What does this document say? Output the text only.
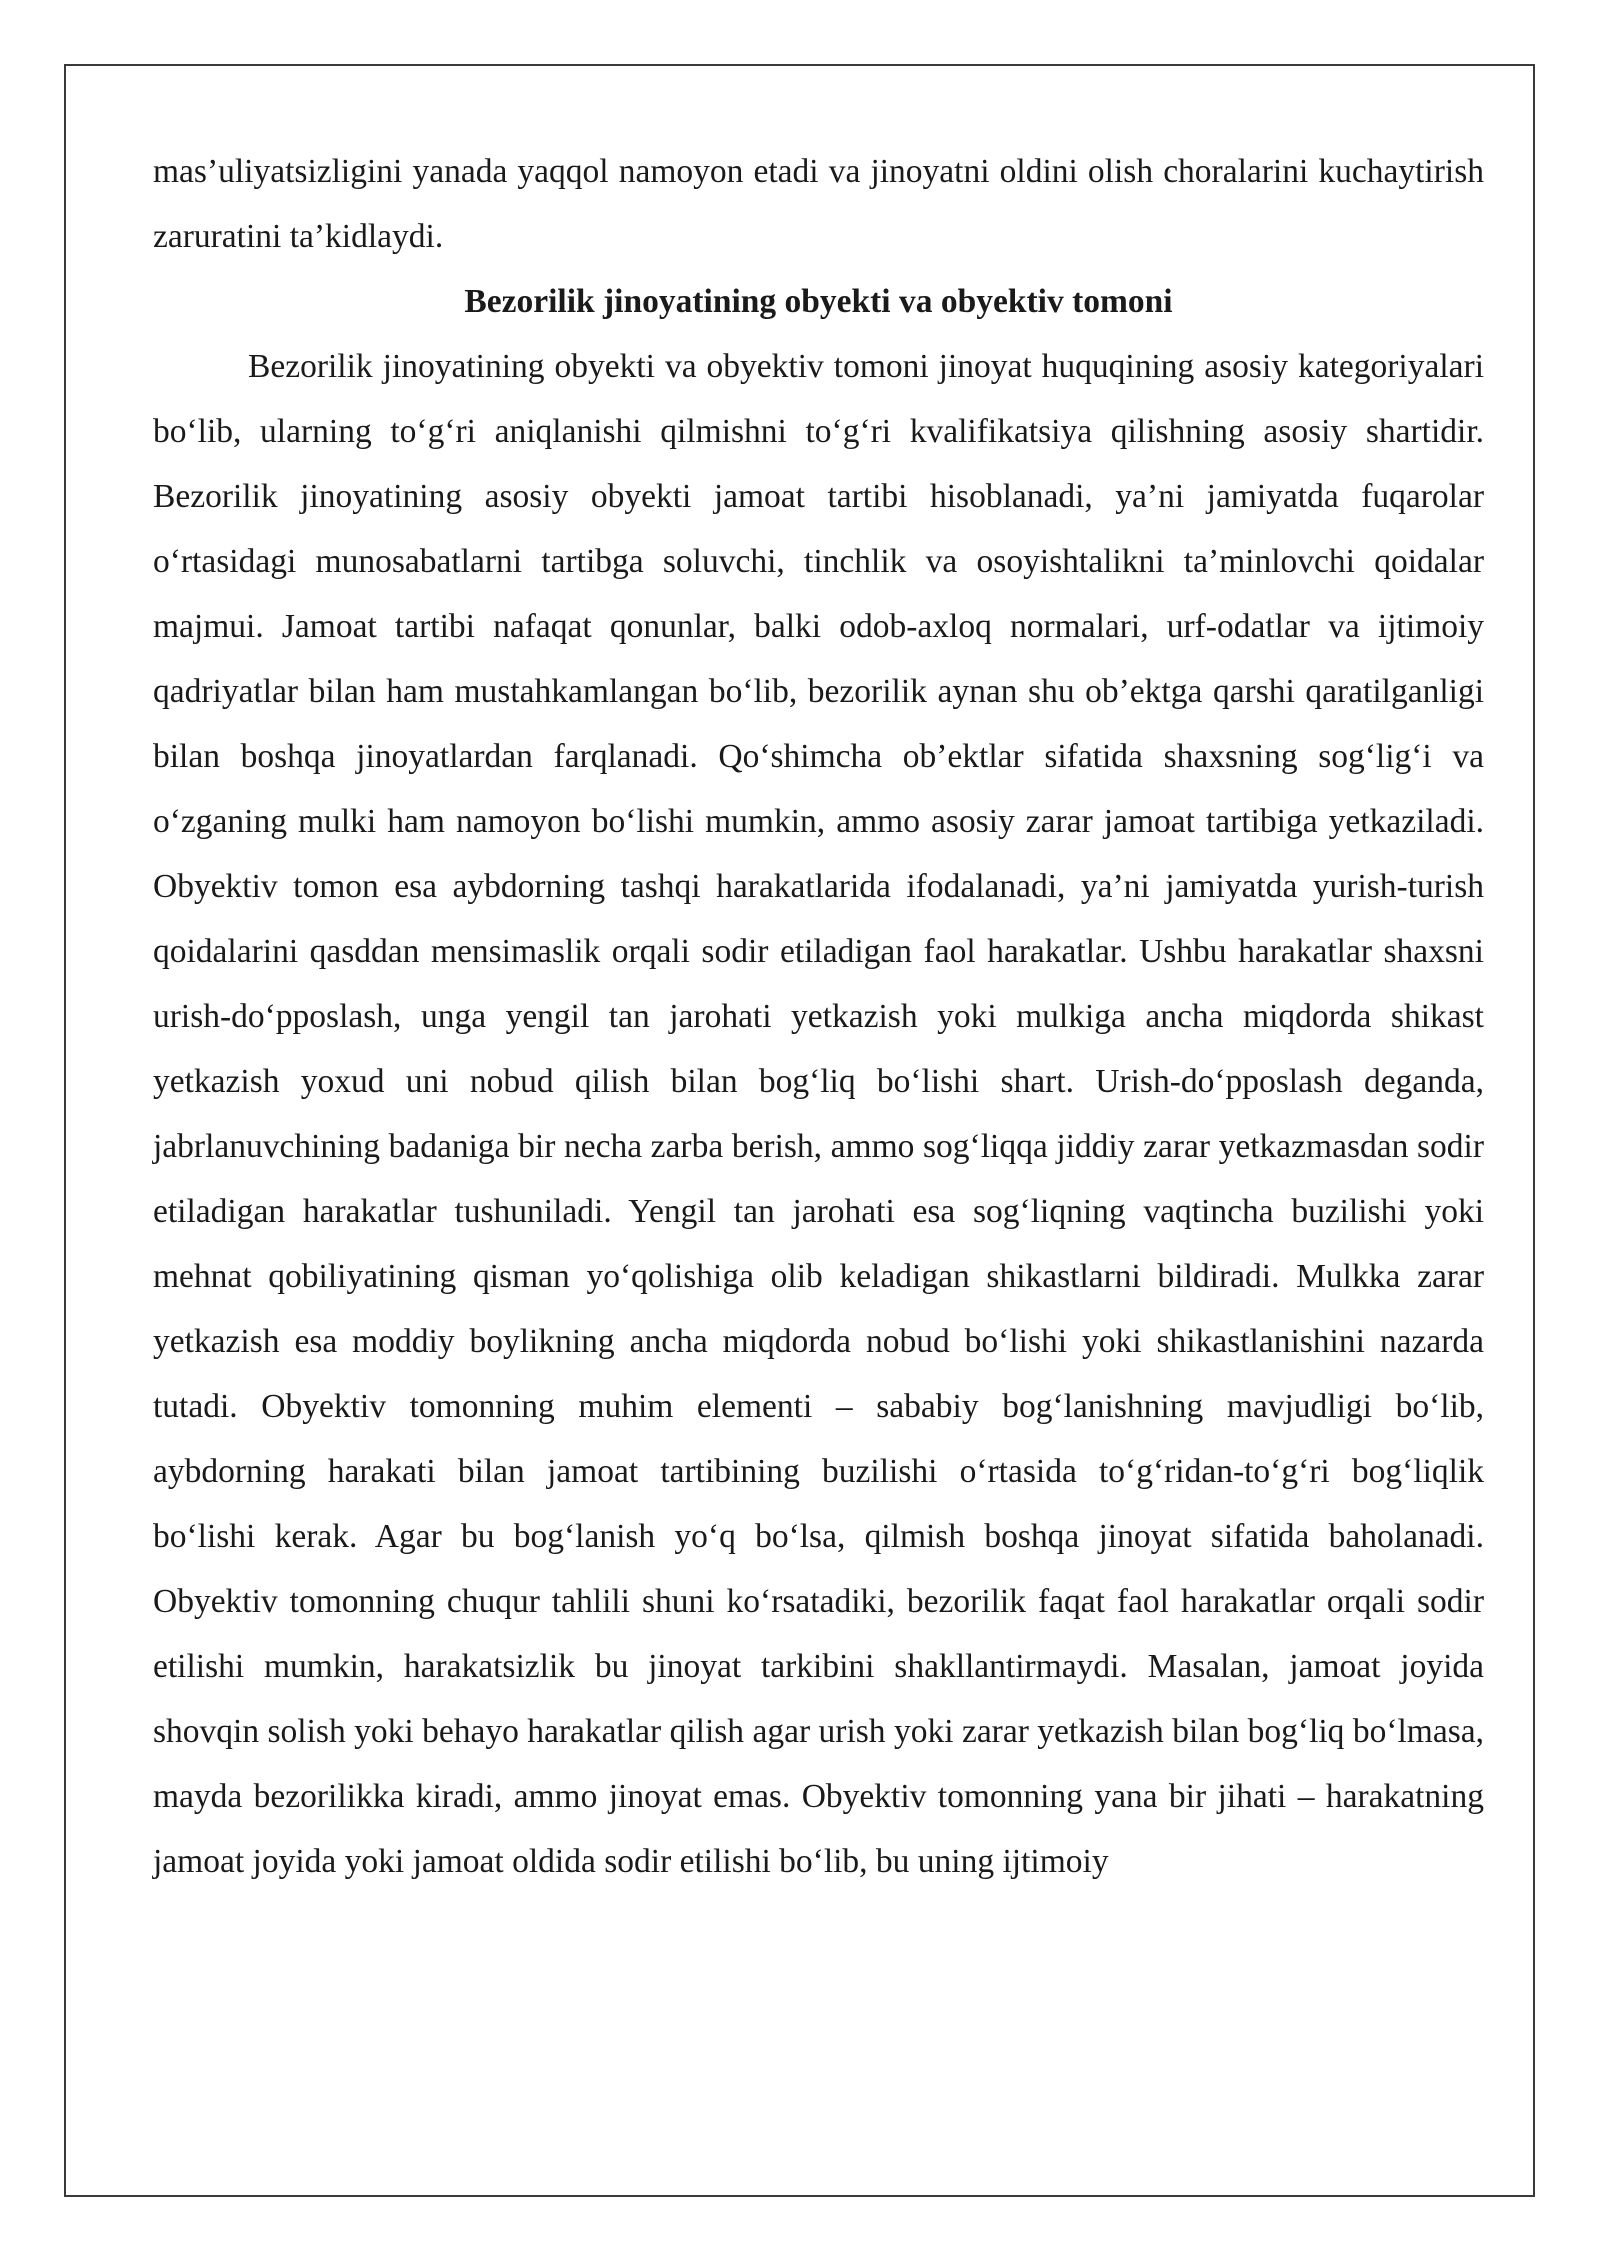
mas’uliyatsizligini yanada yaqqol namoyon etadi va jinoyatni oldini olish choralarini kuchaytirish zaruratini ta’kidlaydi.

Bezorilik jinoyatining obyekti va obyektiv tomoni

Bezorilik jinoyatining obyekti va obyektiv tomoni jinoyat huquqining asosiy kategoriyalari bo‘lib, ularning to‘g‘ri aniqlanishi qilmishni to‘g‘ri kvalifikatsiya qilishning asosiy shartidir. Bezorilik jinoyatining asosiy obyekti jamoat tartibi hisoblanadi, ya’ni jamiyatda fuqarolar o‘rtasidagi munosabatlarni tartibga soluvchi, tinchlik va osoyishtalikni ta’minlovchi qoidalar majmui. Jamoat tartibi nafaqat qonunlar, balki odob-axloq normalari, urf-odatlar va ijtimoiy qadriyatlar bilan ham mustahkamlangan bo‘lib, bezorilik aynan shu ob’ektga qarshi qaratilganligi bilan boshqa jinoyatlardan farqlanadi. Qo‘shimcha ob’ektlar sifatida shaxsning sog‘lig‘i va o‘zganing mulki ham namoyon bo‘lishi mumkin, ammo asosiy zarar jamoat tartibiga yetkaziladi. Obyektiv tomon esa aybdorning tashqi harakatlarida ifodalanadi, ya’ni jamiyatda yurish-turish qoidalarini qasddan mensimaslik orqali sodir etiladigan faol harakatlar. Ushbu harakatlar shaxsni urish-do‘pposlash, unga yengil tan jarohati yetkazish yoki mulkiga ancha miqdorda shikast yetkazish yoxud uni nobud qilish bilan bog‘liq bo‘lishi shart. Urish-do‘pposlash deganda, jabrlanuvchining badaniga bir necha zarba berish, ammo sog‘liqqa jiddiy zarar yetkazmasdan sodir etiladigan harakatlar tushuniladi. Yengil tan jarohati esa sog‘liqning vaqtincha buzilishi yoki mehnat qobiliyatining qisman yo‘qolishiga olib keladigan shikastlarni bildiradi. Mulkka zarar yetkazish esa moddiy boylikning ancha miqdorda nobud bo‘lishi yoki shikastlanishini nazarda tutadi. Obyektiv tomonning muhim elementi – sababiy bog‘lanishning mavjudligi bo‘lib, aybdorning harakati bilan jamoat tartibining buzilishi o‘rtasida to‘g‘ridan-to‘g‘ri bog‘liqlik bo‘lishi kerak. Agar bu bog‘lanish yo‘q bo‘lsa, qilmish boshqa jinoyat sifatida baholanadi. Obyektiv tomonning chuqur tahlili shuni ko‘rsatadiki, bezorilik faqat faol harakatlar orqali sodir etilishi mumkin, harakatsizlik bu jinoyat tarkibini shakllantirmaydi. Masalan, jamoat joyida shovqin solish yoki behayo harakatlar qilish agar urish yoki zarar yetkazish bilan bog‘liq bo‘lmasa, mayda bezorilikka kiradi, ammo jinoyat emas. Obyektiv tomonning yana bir jihati – harakatning jamoat joyida yoki jamoat oldida sodir etilishi bo‘lib, bu uning ijtimoiy
